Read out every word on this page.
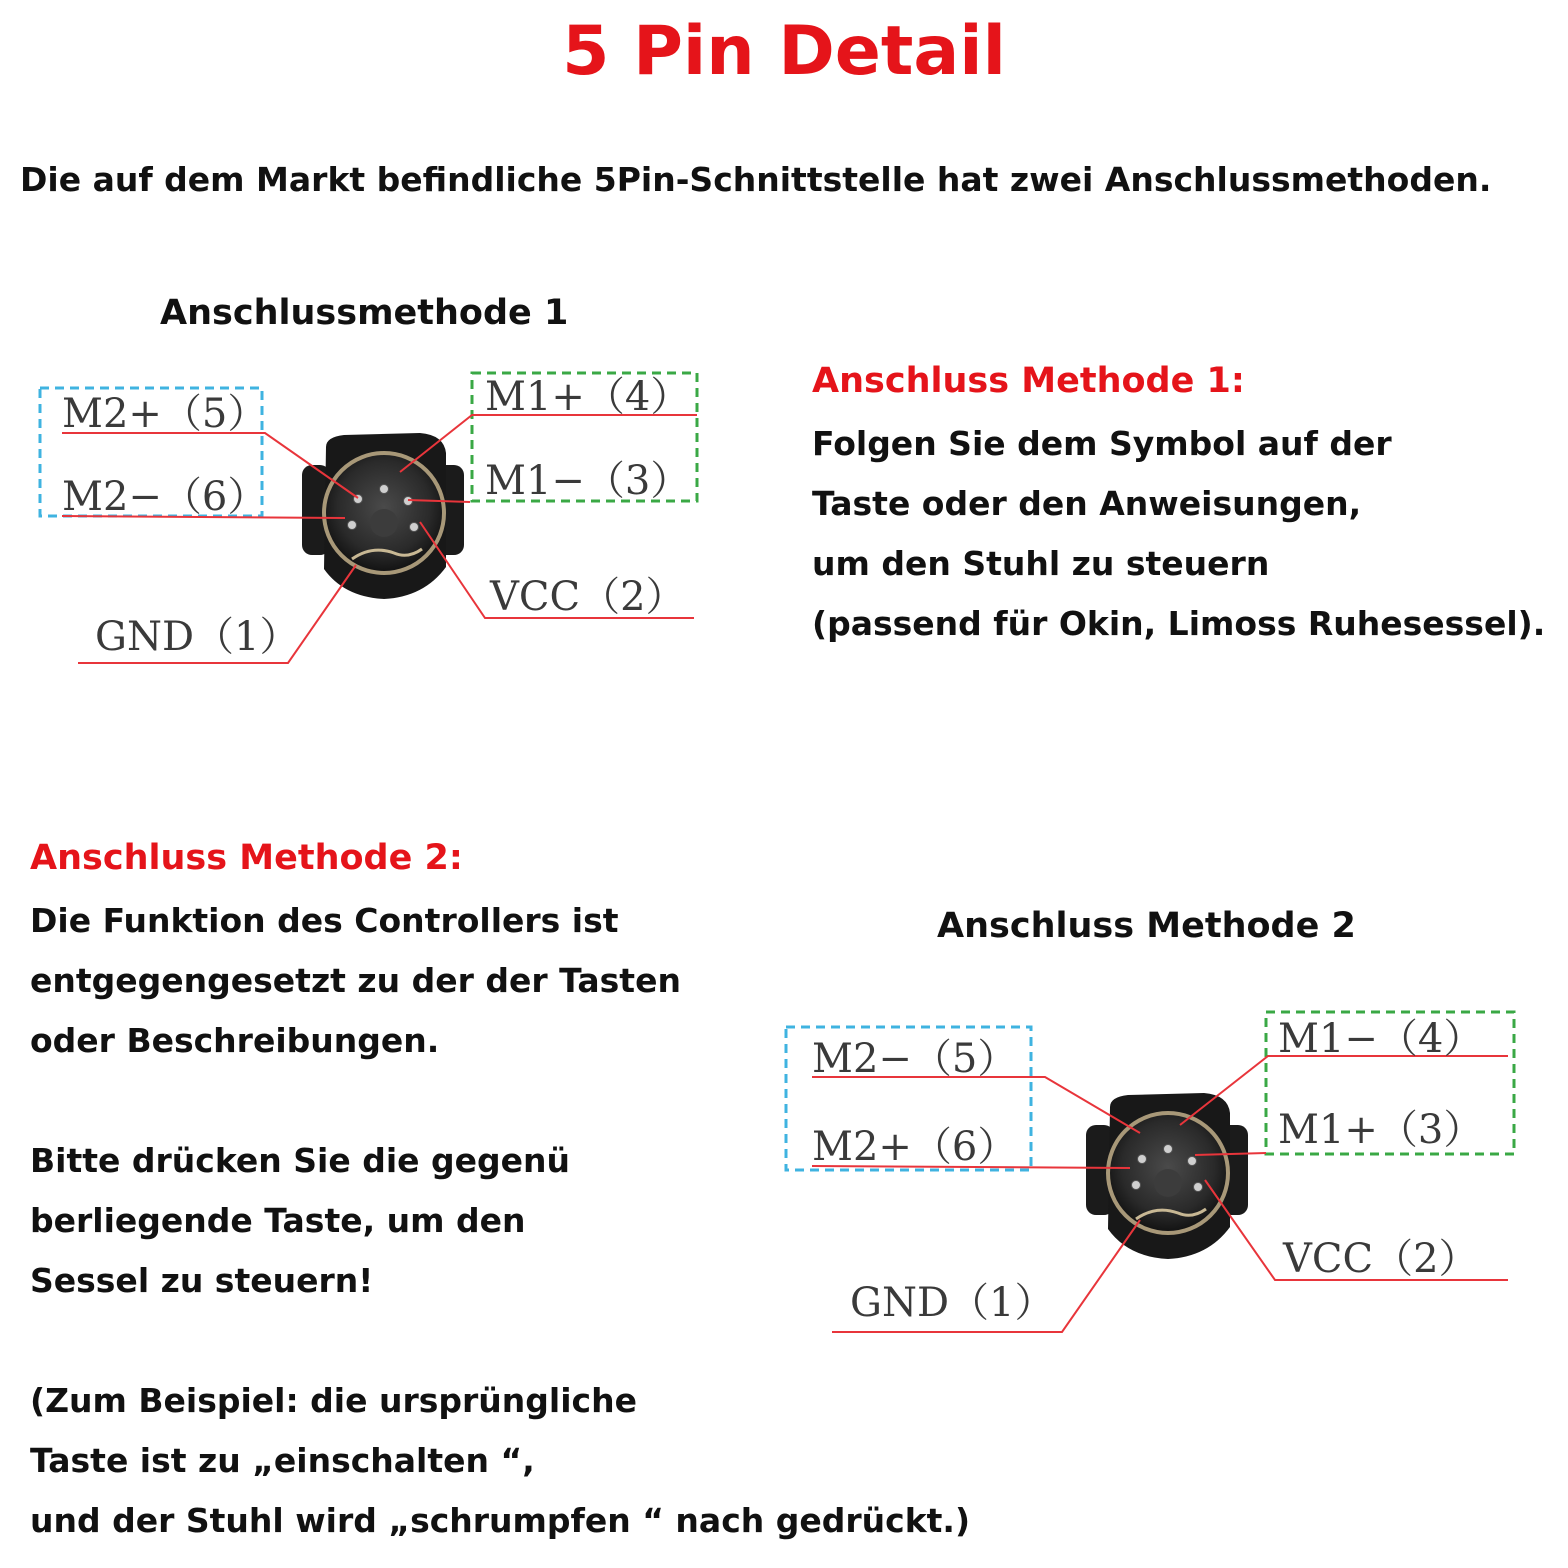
5 Pin Detail

Die auf dem Markt befindliche 5Pin-Schnittstelle hat zwei Anschlussmethoden.

Anschlussmethode 1
Anschluss Methode 2
Anschluss Methode 1:
Folgen Sie dem Symbol auf der
Taste oder den Anweisungen,
um den Stuhl zu steuern
(passend für Okin, Limoss Ruhesessel).
Anschluss Methode 2:
Die Funktion des Controllers ist
entgegengesetzt zu der der Tasten
oder Beschreibungen.
Bitte drücken Sie die gegenü
berliegende Taste, um den
Sessel zu steuern!
(Zum Beispiel: die ursprüngliche
Taste ist zu „einschalten “,
und der Stuhl wird „schrumpfen “ nach gedrückt.)
M2+（5）
M2−（6）
M1+（4）
M1−（3）
VCC（2）
GND（1）
M2−（5）
M2+（6）
M1−（4）
M1+（3）
VCC（2）
GND（1）
